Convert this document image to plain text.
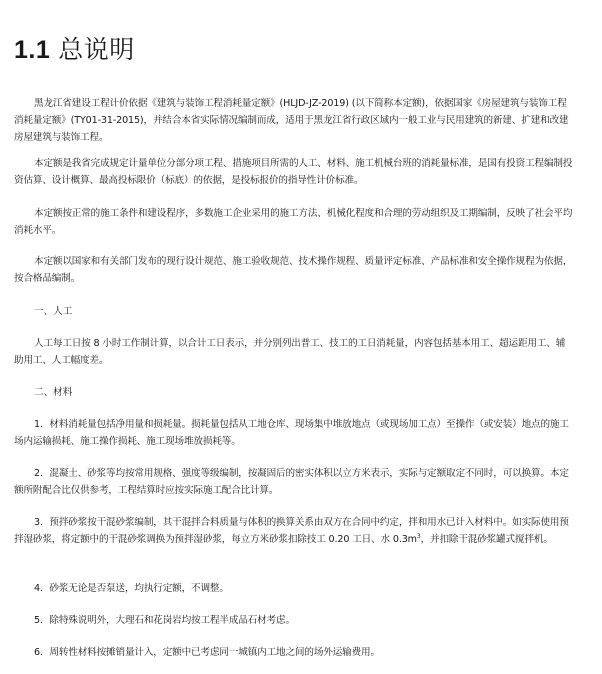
1.1 总说明

黑龙江省建设工程计价依据《建筑与装饰工程消耗量定额》(HLJD-JZ-2019) (以下简称本定额)，依据国家《房屋建筑与装饰工程消耗量定额》(TY01-31-2015)，并结合本省实际情况编制而成，适用于黑龙江省行政区域内一般工业与民用建筑的新建、扩建和改建房屋建筑与装饰工程。

本定额是我省完成规定计量单位分部分项工程、措施项目所需的人工、材料、施工机械台班的消耗量标准，是国有投资工程编制投资估算、设计概算、最高投标限价（标底）的依据，是投标报价的指导性计价标准。

本定额按正常的施工条件和建设程序，多数施工企业采用的施工方法、机械化程度和合理的劳动组织及工期编制，反映了社会平均消耗水平。

本定额以国家和有关部门发布的现行设计规范、施工验收规范、技术操作规程、质量评定标准、产品标准和安全操作规程为依据，按合格品编制。

一、人工

人工每工日按 8 小时工作制计算，以合计工日表示，并分别列出普工、技工的工日消耗量，内容包括基本用工、超运距用工、辅助用工、人工幅度差。

二、材料

1．材料消耗量包括净用量和损耗量。损耗量包括从工地仓库、现场集中堆放地点（或现场加工点）至操作（或安装）地点的施工场内运输损耗、施工操作损耗、施工现场堆放损耗等。

2．混凝土、砂浆等均按常用规格、强度等级编制，按凝固后的密实体积以立方米表示，实际与定额取定不同时，可以换算。本定额所附配合比仅供参考，工程结算时应按实际施工配合比计算。

3．预拌砂浆按干混砂浆编制，其干混拌合料质量与体积的换算关系由双方在合同中约定，拌和用水已计入材料中。如实际使用预拌湿砂浆，将定额中的干混砂浆调换为预拌湿砂浆，每立方米砂浆扣除技工 0.20 工日、水 $0.3m^3$，并扣除干混砂浆罐式搅拌机。

4．砂浆无论是否泵送，均执行定额，不调整。

5．除特殊说明外，大理石和花岗岩均按工程半成品石材考虑。

6．周转性材料按摊销量计入，定额中已考虑同一城镇内工地之间的场外运输费用。
